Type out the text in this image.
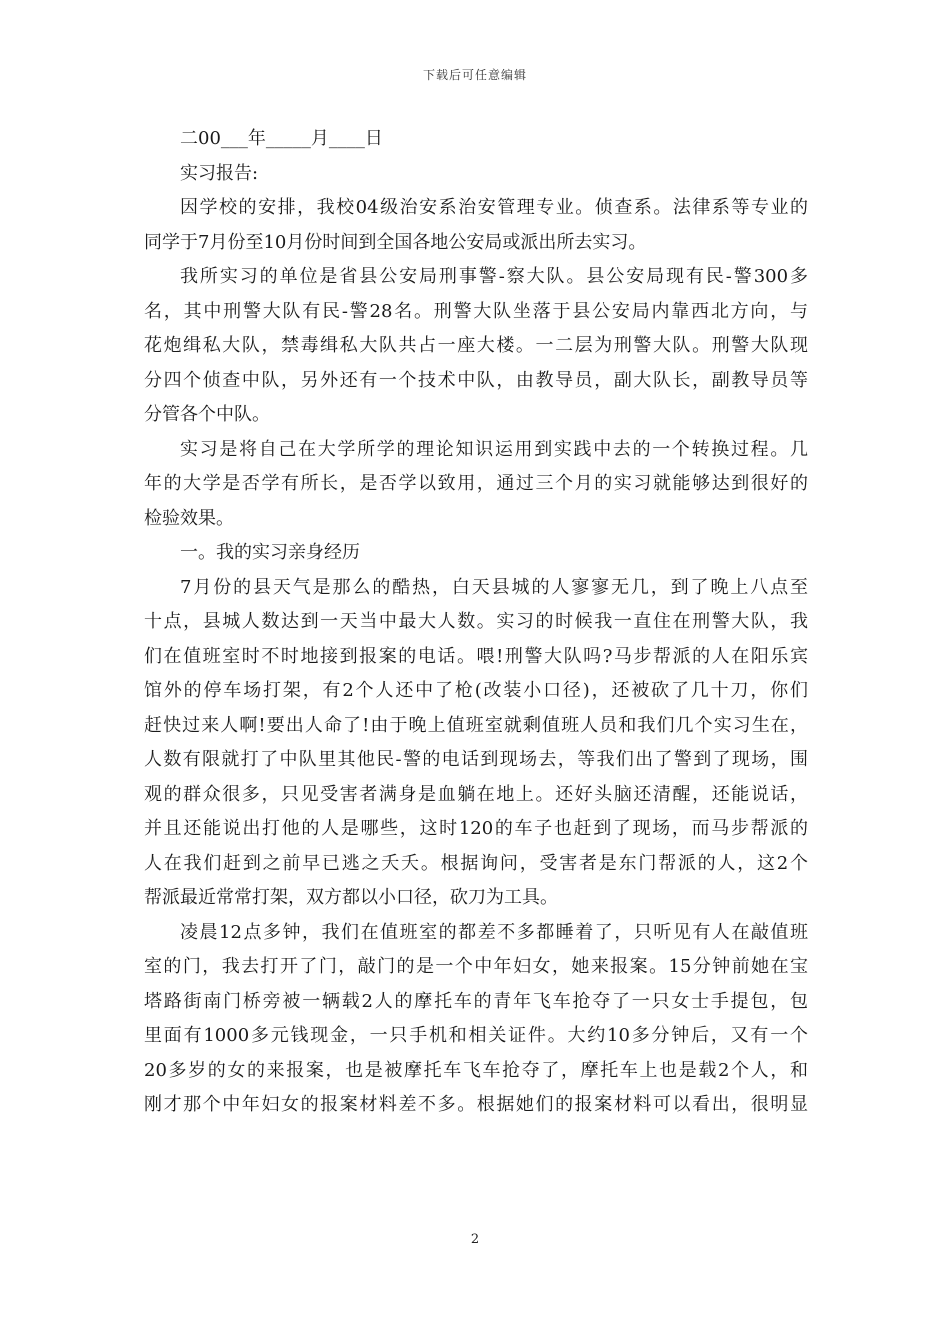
下载后可任意编辑
二00___年_____月____日
实习报告:
因学校的安排，我校04级治安系治安管理专业。侦查系。法律系等专业的
同学于7月份至10月份时间到全国各地公安局或派出所去实习。
我所实习的单位是省县公安局刑事警-察大队。县公安局现有民-警300多
名，其中刑警大队有民-警28名。刑警大队坐落于县公安局内靠西北方向，与
花炮缉私大队，禁毒缉私大队共占一座大楼。一二层为刑警大队。刑警大队现
分四个侦查中队，另外还有一个技术中队，由教导员，副大队长，副教导员等
分管各个中队。
实习是将自己在大学所学的理论知识运用到实践中去的一个转换过程。几
年的大学是否学有所长，是否学以致用，通过三个月的实习就能够达到很好的
检验效果。
一。我的实习亲身经历
7月份的县天气是那么的酷热，白天县城的人寥寥无几，到了晚上八点至
十点，县城人数达到一天当中最大人数。实习的时候我一直住在刑警大队，我
们在值班室时不时地接到报案的电话。喂!刑警大队吗?马步帮派的人在阳乐宾
馆外的停车场打架，有2个人还中了枪(改装小口径)，还被砍了几十刀，你们
赶快过来人啊!要出人命了!由于晚上值班室就剩值班人员和我们几个实习生在，
人数有限就打了中队里其他民-警的电话到现场去，等我们出了警到了现场，围
观的群众很多，只见受害者满身是血躺在地上。还好头脑还清醒，还能说话，
并且还能说出打他的人是哪些，这时120的车子也赶到了现场，而马步帮派的
人在我们赶到之前早已逃之夭夭。根据询问，受害者是东门帮派的人，这2个
帮派最近常常打架，双方都以小口径，砍刀为工具。
凌晨12点多钟，我们在值班室的都差不多都睡着了，只听见有人在敲值班
室的门，我去打开了门，敲门的是一个中年妇女，她来报案。15分钟前她在宝
塔路街南门桥旁被一辆载2人的摩托车的青年飞车抢夺了一只女士手提包，包
里面有1000多元钱现金，一只手机和相关证件。大约10多分钟后，又有一个
20多岁的女的来报案，也是被摩托车飞车抢夺了，摩托车上也是载2个人，和
刚才那个中年妇女的报案材料差不多。根据她们的报案材料可以看出，很明显
2
